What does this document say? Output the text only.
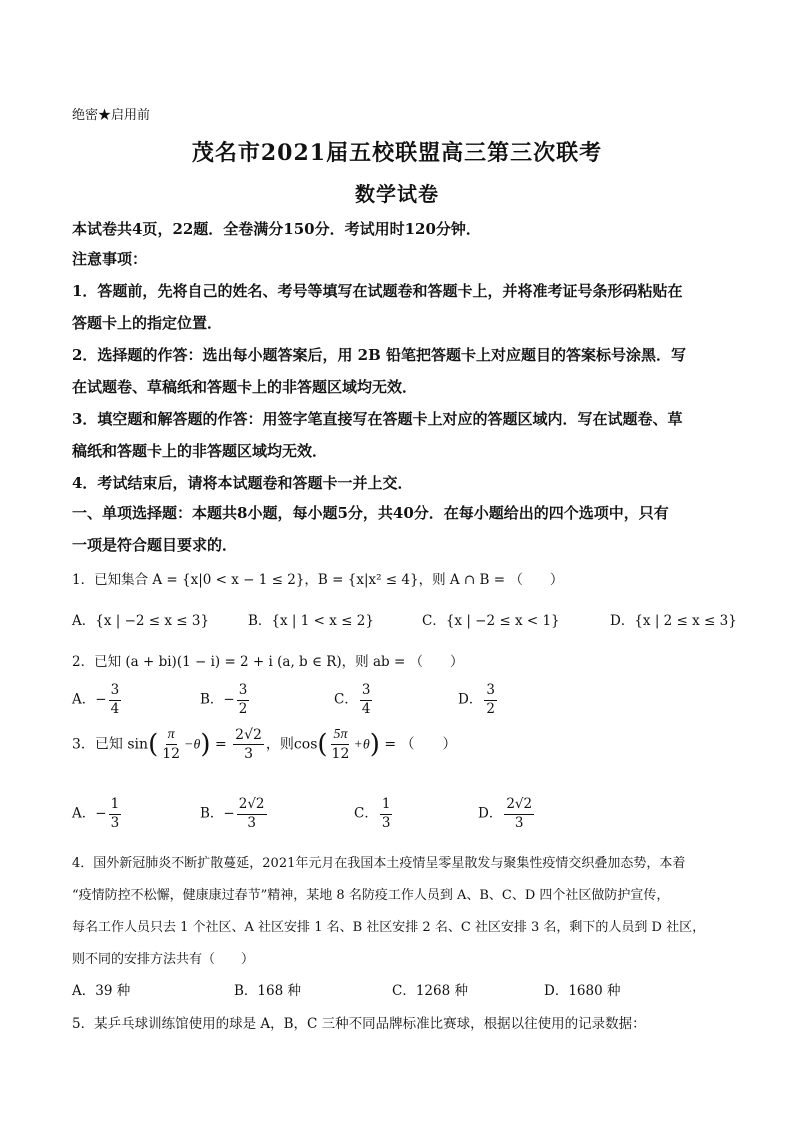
绝密★启用前
茂名市2021届五校联盟高三第三次联考
数学试卷
本试卷共4页，22题．全卷满分150分．考试用时120分钟．
注意事项：
1．答题前，先将自己的姓名、考号等填写在试题卷和答题卡上，并将准考证号条形码粘贴在
答题卡上的指定位置．
2．选择题的作答：选出每小题答案后，用 2B 铅笔把答题卡上对应题目的答案标号涂黑．写
在试题卷、草稿纸和答题卡上的非答题区域均无效．
3．填空题和解答题的作答：用签字笔直接写在答题卡上对应的答题区域内．写在试题卷、草
稿纸和答题卡上的非答题区域均无效．
4．考试结束后，请将本试题卷和答题卡一并上交．
一、单项选择题：本题共8小题，每小题5分，共40分．在每小题给出的四个选项中，只有
一项是符合题目要求的．
1．已知集合 A = {x|0 < x − 1 ≤ 2}，B = {x|x² ≤ 4}，则 A ∩ B = （　　）
A．{x | −2 ≤ x ≤ 3}	B．{x | 1 < x ≤ 2}	C．{x | −2 ≤ x < 1}	D．{x | 2 ≤ x ≤ 3}
2．已知 (a + bi)(1 − i) = 2 + i (a, b ∈ R)，则 ab = （　　）
A．− $\frac{3}{4}$	B．− $\frac{3}{2}$	C． $\frac{3}{4}$	D． $\frac{3}{2}$
3．已知 $\sin( \frac{\pi}{12} -\theta) = \frac{2√2}{3}$ ，则$\cos( \frac{5\pi}{12} +\theta)$ = （　　）
A．− $\frac{1}{3}$	B．− $\frac{2√2}{3}$	C． $\frac{1}{3}$	D． $\frac{2√2}{3}$
4．国外新冠肺炎不断扩散蔓延，2021年元月在我国本土疫情呈零星散发与聚集性疫情交织叠加态势，本着
“疫情防控不松懈，健康康过春节”精神，某地 8 名防疫工作人员到 A、B、C、D 四个社区做防护宣传，
每名工作人员只去 1 个社区、A 社区安排 1 名、B 社区安排 2 名、C 社区安排 3 名，剩下的人员到 D 社区，
则不同的安排方法共有（　　）
A．39 种	B．168 种	C．1268 种	D．1680 种
5．某乒乓球训练馆使用的球是 A，B，C 三种不同品牌标准比赛球，根据以往使用的记录数据：
